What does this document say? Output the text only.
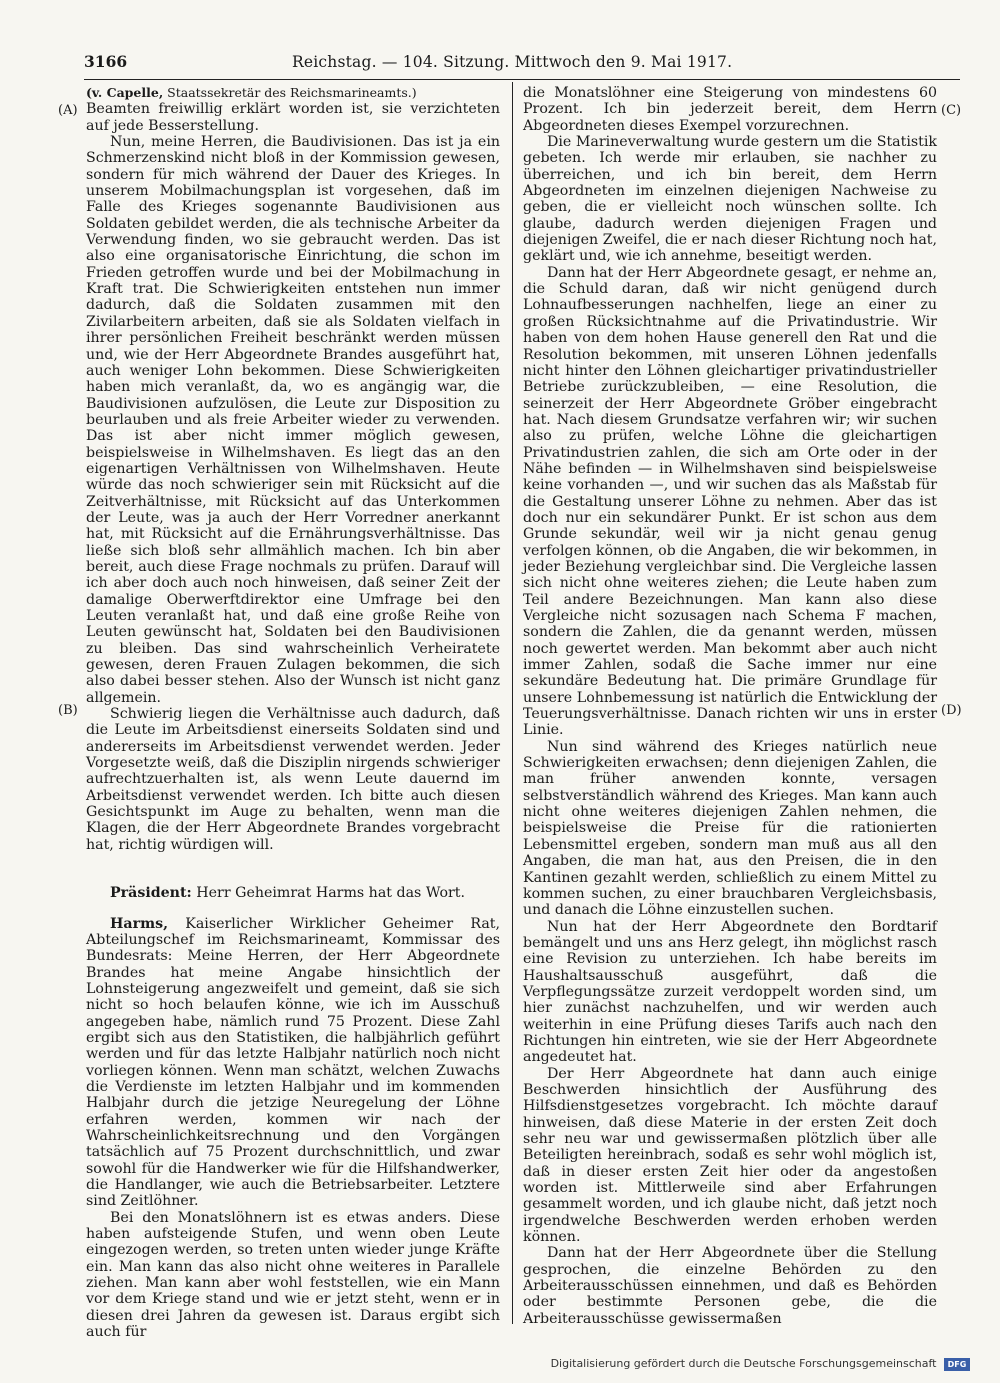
3166	Reichstag. — 104. Sitzung. Mittwoch den 9. Mai 1917.
(A)
(B)
(C)
(D)

(v. Capelle, Staatssekretär des Reichsmarineamts.)

Beamten freiwillig erklärt worden ist, sie verzichteten auf jede Besserstellung.

Nun, meine Herren, die Baudivisionen. Das ist ja ein Schmerzenskind nicht bloß in der Kommission gewesen, sondern für mich während der Dauer des Krieges. In unserem Mobilmachungsplan ist vorgesehen, daß im Falle des Krieges sogenannte Baudivisionen aus Soldaten gebildet werden, die als technische Arbeiter da Verwendung finden, wo sie gebraucht werden. Das ist also eine organisatorische Einrichtung, die schon im Frieden getroffen wurde und bei der Mobilmachung in Kraft trat. Die Schwierigkeiten entstehen nun immer dadurch, daß die Soldaten zusammen mit den Zivilarbeitern arbeiten, daß sie als Soldaten vielfach in ihrer persönlichen Freiheit beschränkt werden müssen und, wie der Herr Abgeordnete Brandes ausgeführt hat, auch weniger Lohn bekommen. Diese Schwierigkeiten haben mich veranlaßt, da, wo es angängig war, die Baudivisionen aufzulösen, die Leute zur Disposition zu beurlauben und als freie Arbeiter wieder zu verwenden. Das ist aber nicht immer möglich gewesen, beispielsweise in Wilhelmshaven. Es liegt das an den eigenartigen Verhältnissen von Wilhelmshaven. Heute würde das noch schwieriger sein mit Rücksicht auf die Zeitverhältnisse, mit Rücksicht auf das Unterkommen der Leute, was ja auch der Herr Vorredner anerkannt hat, mit Rücksicht auf die Ernährungsverhältnisse. Das ließe sich bloß sehr allmählich machen. Ich bin aber bereit, auch diese Frage nochmals zu prüfen. Darauf will ich aber doch auch noch hinweisen, daß seiner Zeit der damalige Oberwerftdirektor eine Umfrage bei den Leuten veranlaßt hat, und daß eine große Reihe von Leuten gewünscht hat, Soldaten bei den Baudivisionen zu bleiben. Das sind wahrscheinlich Verheiratete gewesen, deren Frauen Zulagen bekommen, die sich also dabei besser stehen. Also der Wunsch ist nicht ganz allgemein.

Schwierig liegen die Verhältnisse auch dadurch, daß die Leute im Arbeitsdienst einerseits Soldaten sind und andererseits im Arbeitsdienst verwendet werden. Jeder Vorgesetzte weiß, daß die Disziplin nirgends schwieriger aufrechtzuerhalten ist, als wenn Leute dauernd im Arbeitsdienst verwendet werden. Ich bitte auch diesen Gesichtspunkt im Auge zu behalten, wenn man die Klagen, die der Herr Abgeordnete Brandes vorgebracht hat, richtig würdigen will.

Präsident: Herr Geheimrat Harms hat das Wort.

Harms, Kaiserlicher Wirklicher Geheimer Rat, Abteilungschef im Reichsmarineamt, Kommissar des Bundesrats: Meine Herren, der Herr Abgeordnete Brandes hat meine Angabe hinsichtlich der Lohnsteigerung angezweifelt und gemeint, daß sie sich nicht so hoch belaufen könne, wie ich im Ausschuß angegeben habe, nämlich rund 75 Prozent. Diese Zahl ergibt sich aus den Statistiken, die halbjährlich geführt werden und für das letzte Halbjahr natürlich noch nicht vorliegen können. Wenn man schätzt, welchen Zuwachs die Verdienste im letzten Halbjahr und im kommenden Halbjahr durch die jetzige Neuregelung der Löhne erfahren werden, kommen wir nach der Wahrscheinlichkeitsrechnung und den Vorgängen tatsächlich auf 75 Prozent durchschnittlich, und zwar sowohl für die Handwerker wie für die Hilfshandwerker, die Handlanger, wie auch die Betriebsarbeiter. Letztere sind Zeitlöhner.

Bei den Monatslöhnern ist es etwas anders. Diese haben aufsteigende Stufen, und wenn oben Leute eingezogen werden, so treten unten wieder junge Kräfte ein. Man kann das also nicht ohne weiteres in Parallele ziehen. Man kann aber wohl feststellen, wie ein Mann vor dem Kriege stand und wie er jetzt steht, wenn er in diesen drei Jahren da gewesen ist. Daraus ergibt sich auch für

die Monatslöhner eine Steigerung von mindestens 60 Prozent. Ich bin jederzeit bereit, dem Herrn Abgeordneten dieses Exempel vorzurechnen.

Die Marineverwaltung wurde gestern um die Statistik gebeten. Ich werde mir erlauben, sie nachher zu überreichen, und ich bin bereit, dem Herrn Abgeordneten im einzelnen diejenigen Nachweise zu geben, die er vielleicht noch wünschen sollte. Ich glaube, dadurch werden diejenigen Fragen und diejenigen Zweifel, die er nach dieser Richtung noch hat, geklärt und, wie ich annehme, beseitigt werden.

Dann hat der Herr Abgeordnete gesagt, er nehme an, die Schuld daran, daß wir nicht genügend durch Lohnaufbesserungen nachhelfen, liege an einer zu großen Rücksichtnahme auf die Privatindustrie. Wir haben von dem hohen Hause generell den Rat und die Resolution bekommen, mit unseren Löhnen jedenfalls nicht hinter den Löhnen gleichartiger privatindustrieller Betriebe zurückzubleiben, — eine Resolution, die seinerzeit der Herr Abgeordnete Gröber eingebracht hat. Nach diesem Grundsatze verfahren wir; wir suchen also zu prüfen, welche Löhne die gleichartigen Privatindustrien zahlen, die sich am Orte oder in der Nähe befinden — in Wilhelmshaven sind beispielsweise keine vorhanden —, und wir suchen das als Maßstab für die Gestaltung unserer Löhne zu nehmen. Aber das ist doch nur ein sekundärer Punkt. Er ist schon aus dem Grunde sekundär, weil wir ja nicht genau genug verfolgen können, ob die Angaben, die wir bekommen, in jeder Beziehung vergleichbar sind. Die Vergleiche lassen sich nicht ohne weiteres ziehen; die Leute haben zum Teil andere Bezeichnungen. Man kann also diese Vergleiche nicht sozusagen nach Schema F machen, sondern die Zahlen, die da genannt werden, müssen noch gewertet werden. Man bekommt aber auch nicht immer Zahlen, sodaß die Sache immer nur eine sekundäre Bedeutung hat. Die primäre Grundlage für unsere Lohnbemessung ist natürlich die Entwicklung der Teuerungsverhältnisse. Danach richten wir uns in erster Linie.

Nun sind während des Krieges natürlich neue Schwierigkeiten erwachsen; denn diejenigen Zahlen, die man früher anwenden konnte, versagen selbstverständlich während des Krieges. Man kann auch nicht ohne weiteres diejenigen Zahlen nehmen, die beispielsweise die Preise für die rationierten Lebensmittel ergeben, sondern man muß aus all den Angaben, die man hat, aus den Preisen, die in den Kantinen gezahlt werden, schließlich zu einem Mittel zu kommen suchen, zu einer brauchbaren Vergleichsbasis, und danach die Löhne einzustellen suchen.

Nun hat der Herr Abgeordnete den Bordtarif bemängelt und uns ans Herz gelegt, ihn möglichst rasch eine Revision zu unterziehen. Ich habe bereits im Haushaltsausschuß ausgeführt, daß die Verpflegungssätze zurzeit verdoppelt worden sind, um hier zunächst nachzuhelfen, und wir werden auch weiterhin in eine Prüfung dieses Tarifs auch nach den Richtungen hin eintreten, wie sie der Herr Abgeordnete angedeutet hat.

Der Herr Abgeordnete hat dann auch einige Beschwerden hinsichtlich der Ausführung des Hilfsdienstgesetzes vorgebracht. Ich möchte darauf hinweisen, daß diese Materie in der ersten Zeit doch sehr neu war und gewissermaßen plötzlich über alle Beteiligten hereinbrach, sodaß es sehr wohl möglich ist, daß in dieser ersten Zeit hier oder da angestoßen worden ist. Mittlerweile sind aber Erfahrungen gesammelt worden, und ich glaube nicht, daß jetzt noch irgendwelche Beschwerden werden erhoben werden können.

Dann hat der Herr Abgeordnete über die Stellung gesprochen, die einzelne Behörden zu den Arbeiterausschüssen einnehmen, und daß es Behörden oder bestimmte Personen gebe, die die Arbeiterausschüsse gewissermaßen

Digitalisierung gefördert durch die Deutsche Forschungsgemeinschaft DFG
